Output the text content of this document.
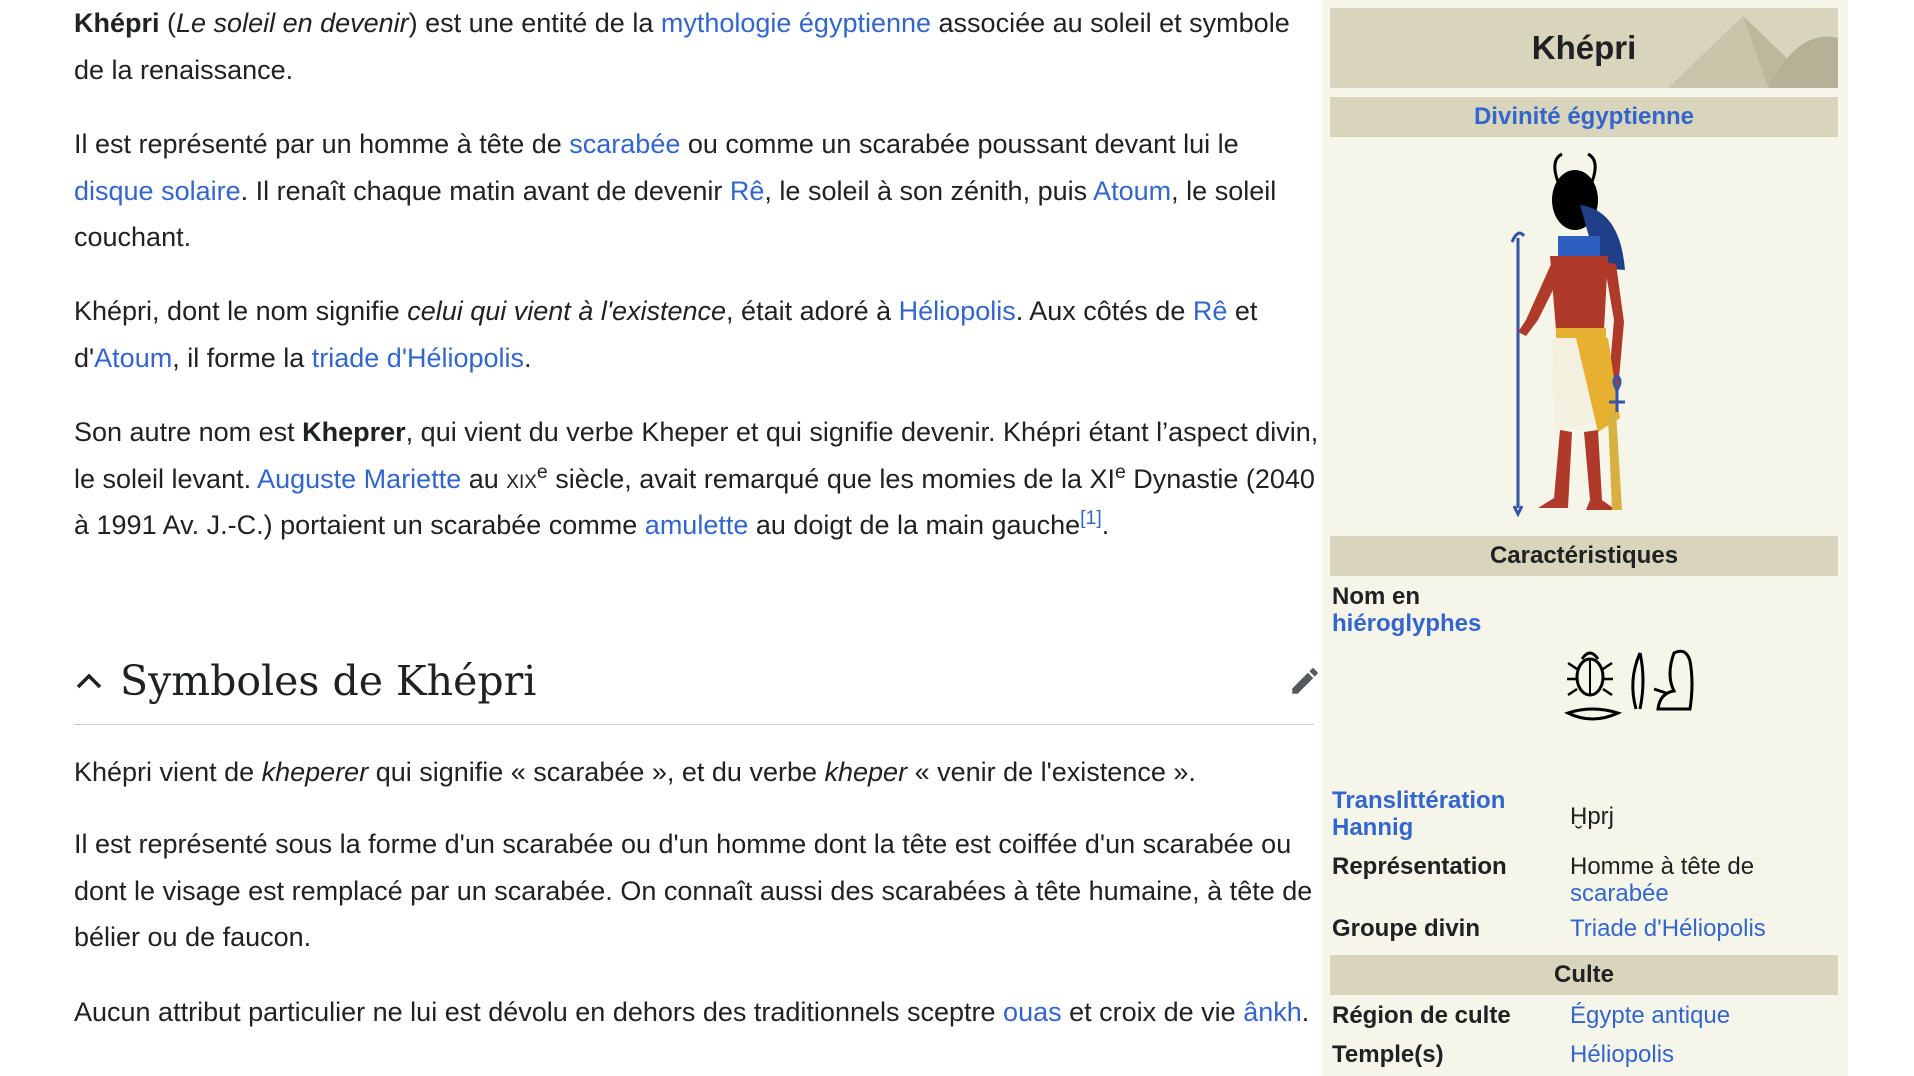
Khépri (Le soleil en devenir) est une entité de la mythologie égyptienne associée au soleil et symbole de la renaissance.

Il est représenté par un homme à tête de scarabée ou comme un scarabée poussant devant lui le disque solaire. Il renaît chaque matin avant de devenir Rê, le soleil à son zénith, puis Atoum, le soleil couchant.

Khépri, dont le nom signifie celui qui vient à l'existence, était adoré à Héliopolis. Aux côtés de Rê et d'Atoum, il forme la triade d'Héliopolis.

Son autre nom est Kheprer, qui vient du verbe Kheper et qui signifie devenir. Khépri étant l’aspect divin, le soleil levant. Auguste Mariette au xix$^e$ siècle, avait remarqué que les momies de la XIe Dynastie (2040 à 1991 Av. J.-C.) portaient un scarabée comme amulette au doigt de la main gauche[1].

Symboles de Khépri

Khépri vient de kheperer qui signifie « scarabée », et du verbe kheper « venir de l'existence ».

Il est représenté sous la forme d'un scarabée ou d'un homme dont la tête est coiffée d'un scarabée ou dont le visage est remplacé par un scarabée. On connaît aussi des scarabées à tête humaine, à tête de bélier ou de faucon.

Aucun attribut particulier ne lui est dévolu en dehors des traditionnels sceptre ouas et croix de vie ânkh.

Khépri
Divinité égyptienne
Caractéristiques
Nom en
hiéroglyphes
Translittération
Hannig	Ḫprj
Représentation	Homme à tête de
scarabée
Groupe divin	Triade d'Héliopolis
Culte
Région de culte	Égypte antique
Temple(s)	Héliopolis
